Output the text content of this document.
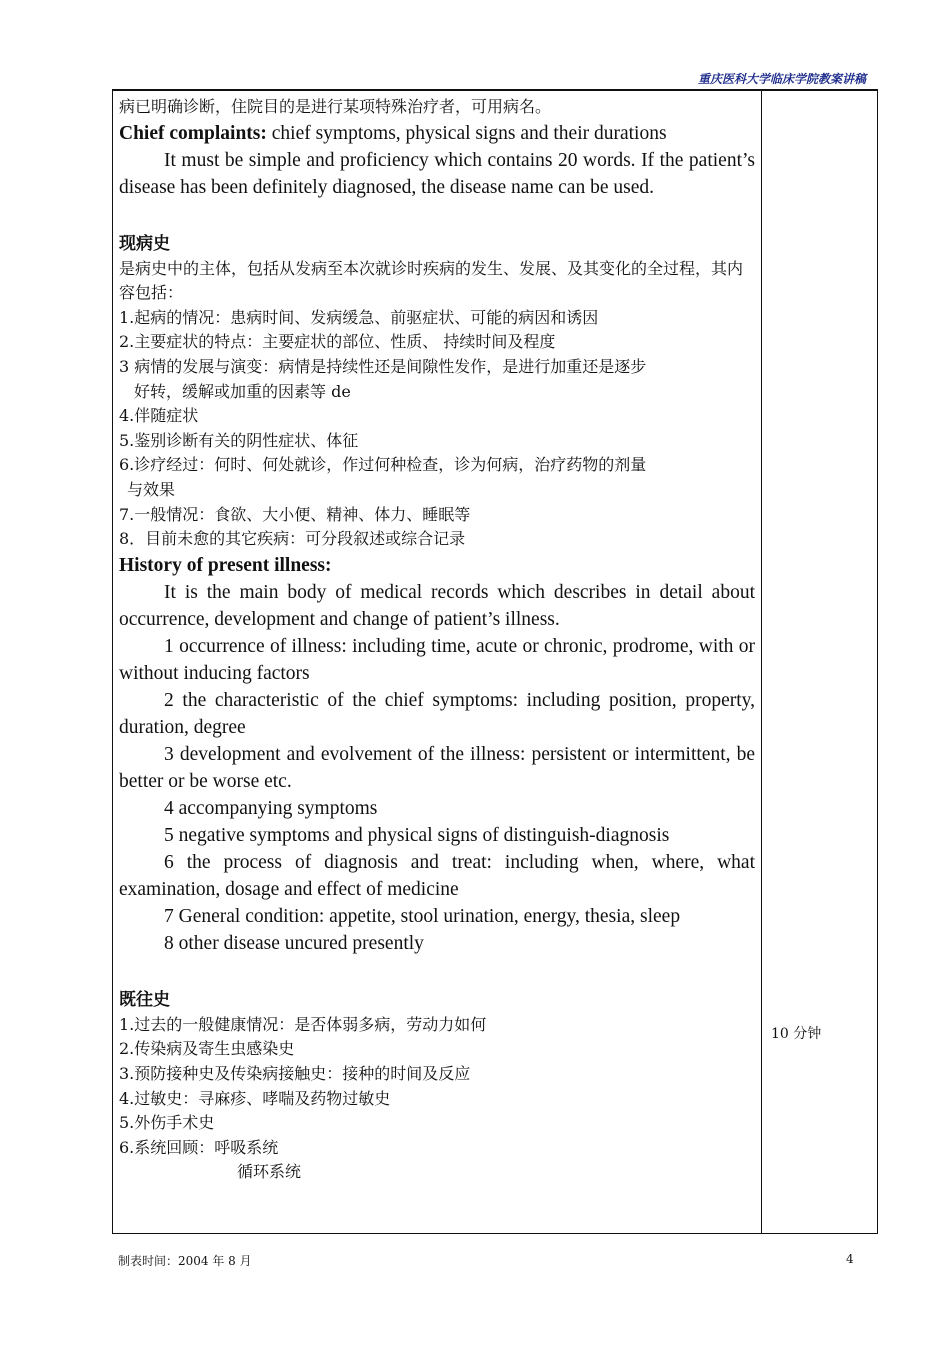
重庆医科大学临床学院教案讲稿

病已明确诊断，住院目的是进行某项特殊治疗者，可用病名。

Chief complaints: chief symptoms, physical signs and their durations

It must be simple and proficiency which contains 20 words. If the patient’s disease has been definitely diagnosed, the disease name can be used.

现病史

是病史中的主体，包括从发病至本次就诊时疾病的发生、发展、及其变化的全过程，其内容包括：

1.起病的情况：患病时间、发病缓急、前驱症状、可能的病因和诱因

2.主要症状的特点：主要症状的部位、性质、 持续时间及程度

3 病情的发展与演变：病情是持续性还是间隙性发作，是进行加重还是逐步

好转，缓解或加重的因素等 de

4.伴随症状

5.鉴别诊断有关的阴性症状、体征

6.诊疗经过：何时、何处就诊，作过何种检查，诊为何病，治疗药物的剂量

与效果

7.一般情况：食欲、大小便、精神、体力、睡眠等

8．目前未愈的其它疾病：可分段叙述或综合记录

History of present illness:

It is the main body of medical records which describes in detail about occurrence, development and change of patient’s illness.

1 occurrence of illness: including time, acute or chronic, prodrome, with or without inducing factors

2 the characteristic of the chief symptoms: including position, property, duration, degree

3 development and evolvement of the illness: persistent or intermittent, be better or be worse etc.

4 accompanying symptoms

5 negative symptoms and physical signs of distinguish-diagnosis

6 the process of diagnosis and treat: including when, where, what examination, dosage and effect of medicine

7 General condition: appetite, stool urination, energy, thesia, sleep

8 other disease uncured presently

既往史

1.过去的一般健康情况：是否体弱多病，劳动力如何

2.传染病及寄生虫感染史

3.预防接种史及传染病接触史：接种的时间及反应

4.过敏史：寻麻疹、哮喘及药物过敏史

5.外伤手术史

6.系统回顾：呼吸系统

循环系统

10 分钟
制表时间：2004 年 8 月	4
